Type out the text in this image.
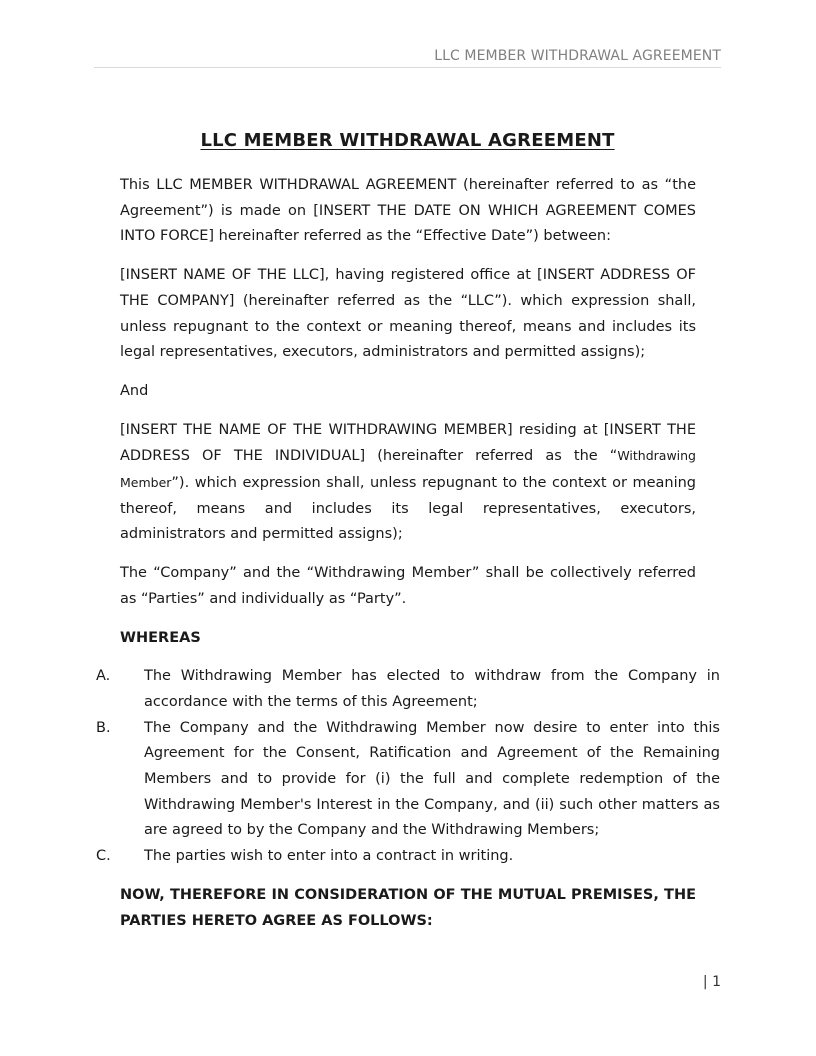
LLC MEMBER WITHDRAWAL AGREEMENT
LLC MEMBER WITHDRAWAL AGREEMENT

This LLC MEMBER WITHDRAWAL AGREEMENT (hereinafter referred to as “the Agreement”) is made on [INSERT THE DATE ON WHICH AGREEMENT COMES INTO FORCE] hereinafter referred as the “Effective Date”) between:

[INSERT NAME OF THE LLC], having registered office at [INSERT ADDRESS OF THE COMPANY] (hereinafter referred as the “LLC”). which expression shall, unless repugnant to the context or meaning thereof, means and includes its legal representatives, executors, administrators and permitted assigns);

And

[INSERT THE NAME OF THE WITHDRAWING MEMBER] residing at [INSERT THE ADDRESS OF THE INDIVIDUAL] (hereinafter referred as the “Withdrawing Member”). which expression shall, unless repugnant to the context or meaning thereof, means and includes its legal representatives, executors, administrators and permitted assigns);

The “Company” and the “Withdrawing Member” shall be collectively referred as “Parties” and individually as “Party”.

WHEREAS
A. The Withdrawing Member has elected to withdraw from the Company in accordance with the terms of this Agreement;
B. The Company and the Withdrawing Member now desire to enter into this Agreement for the Consent, Ratification and Agreement of the Remaining Members and to provide for (i) the full and complete redemption of the Withdrawing Member's Interest in the Company, and (ii) such other matters as are agreed to by the Company and the Withdrawing Members;
C. The parties wish to enter into a contract in writing.

NOW, THEREFORE IN CONSIDERATION OF THE MUTUAL PREMISES, THE PARTIES HERETO AGREE AS FOLLOWS:

| 1
